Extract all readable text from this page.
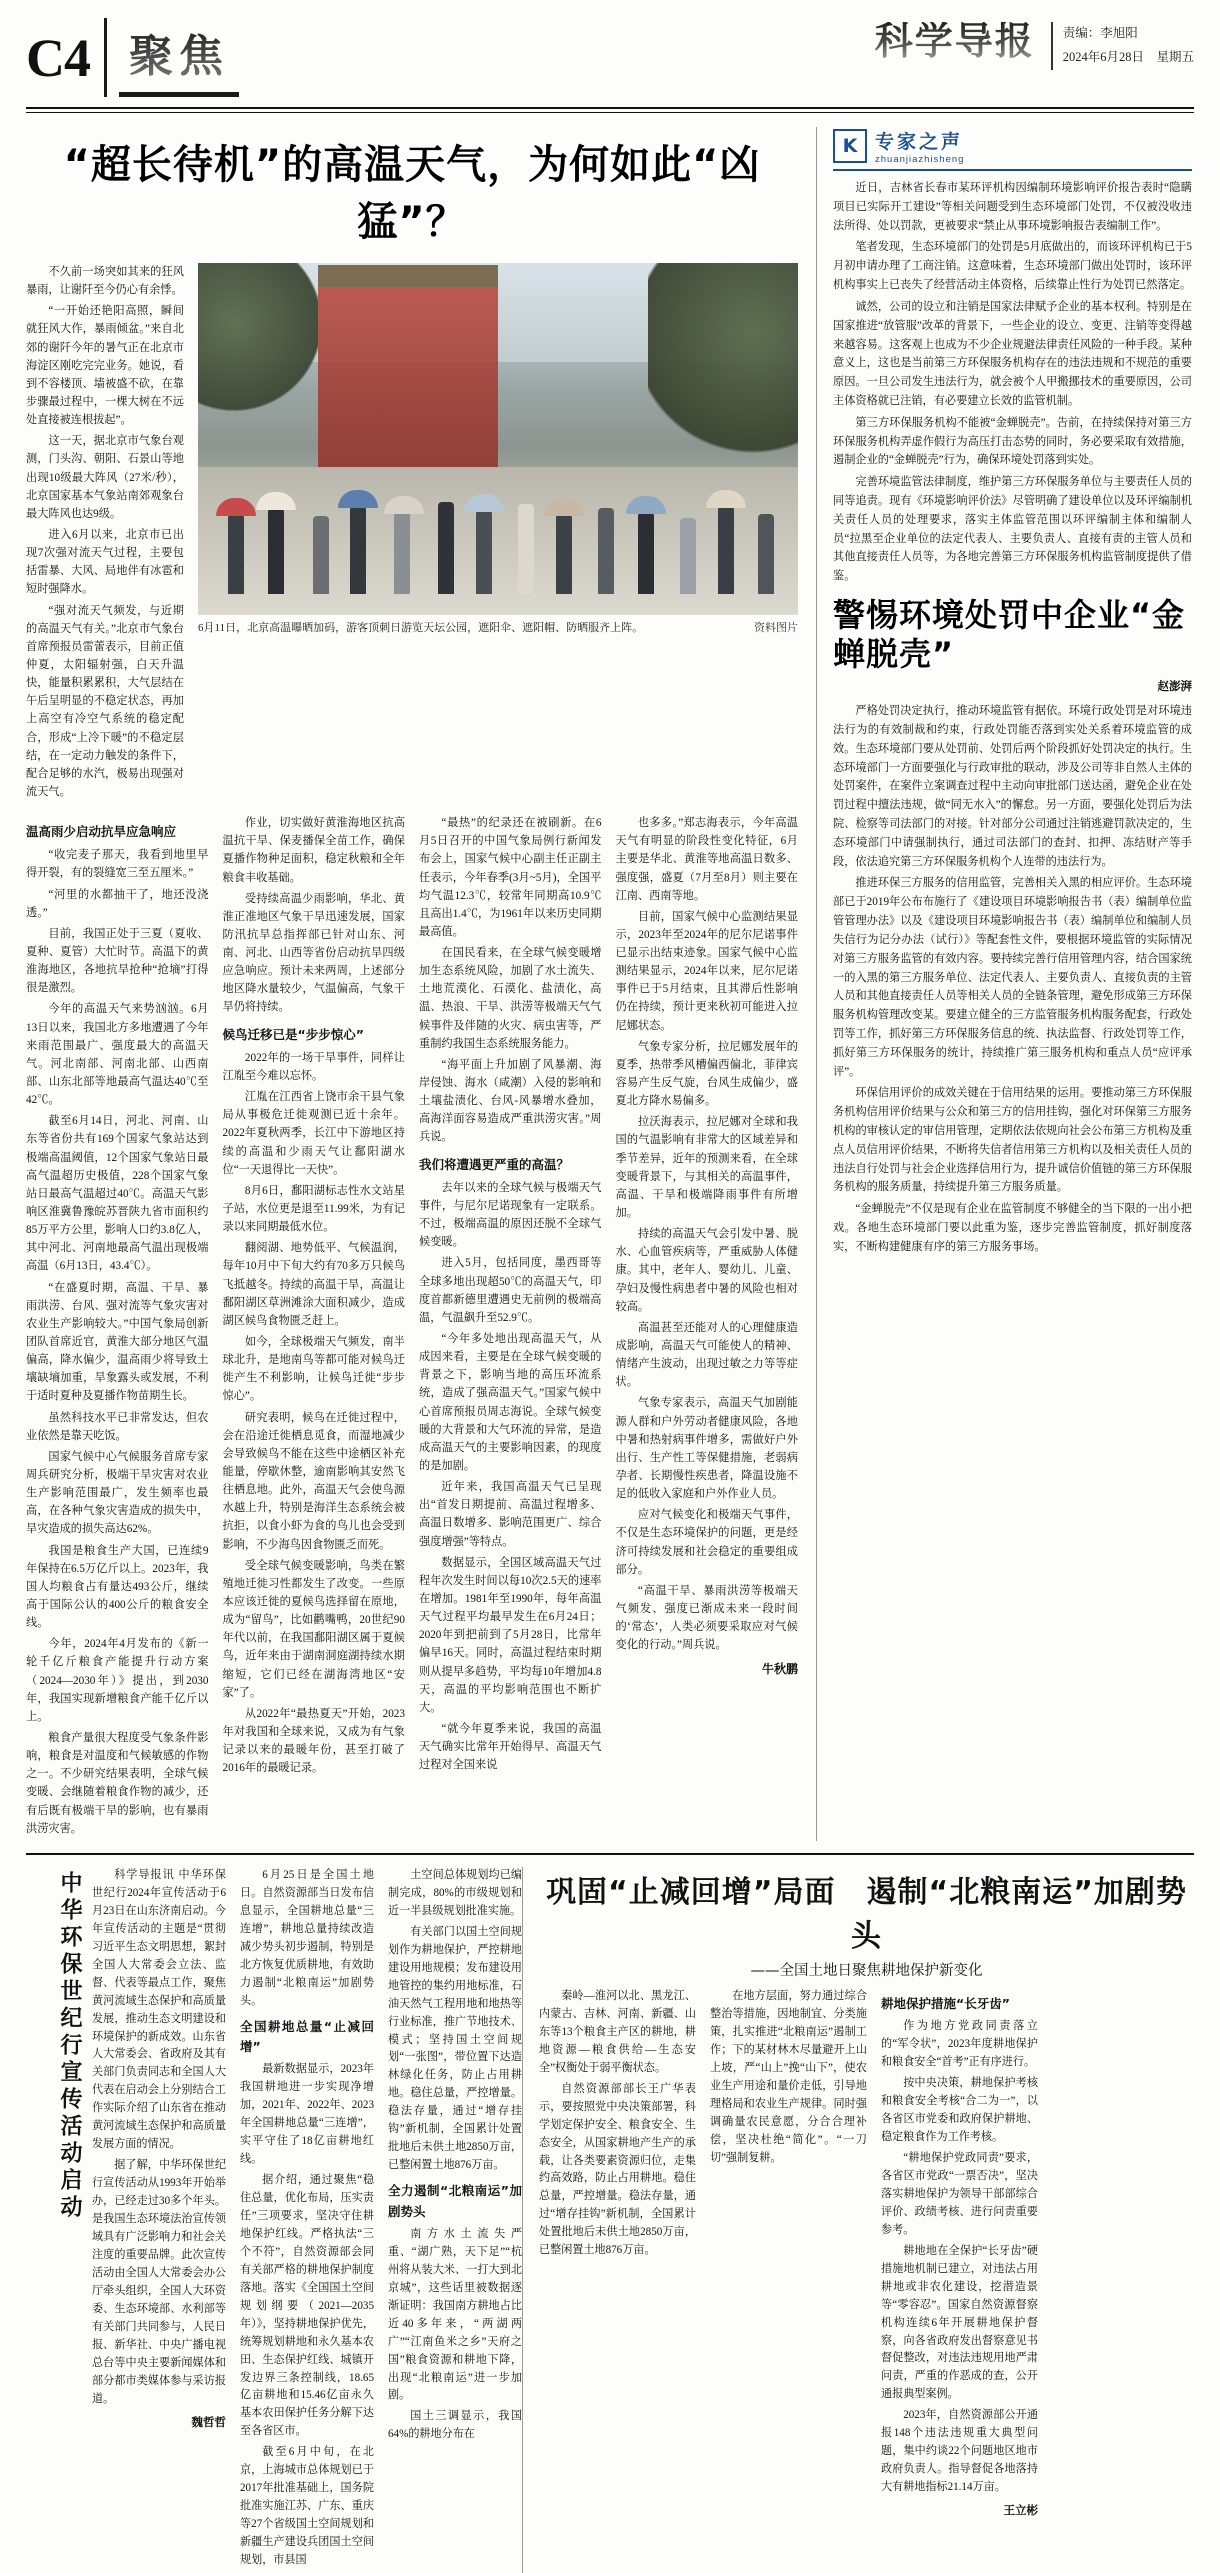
C4 聚焦	科学导报 责编：李旭阳
2024年6月28日 星期五
“超长待机”的高温天气，为何如此“凶猛”？

不久前一场突如其来的狂风暴雨，让谢阡至今仍心有余悸。

“一开始还艳阳高照，瞬间就狂风大作，暴雨倾盆。”来自北郊的谢阡今年的暑气正在北京市海淀区刚吃完完业务。她说，看到不容楼顶、墙被盛不砍，在靠步骤最过程中，一棵大树在不远处直接被连根拔起”。

这一天，据北京市气象台观测，门头沟、朝阳、石景山等地出现10级最大阵风（27米/秒），北京国家基本气象站南郊观象台最大阵风也达9级。

进入6月以来，北京市已出现7次强对流天气过程，主要包括雷暴、大风、局地伴有冰雹和短时强降水。

“强对流天气频发，与近期的高温天气有关。”北京市气象台首席预报员雷蕾表示，目前正值仲夏，太阳辐射强，白天升温快，能量积累累积，大气层结在午后呈明显的不稳定状态，再加上高空有冷空气系统的稳定配合，形成“上冷下暖”的不稳定层结，在一定动力触发的条件下，配合足够的水汽，极易出现强对流天气。

6月11日，北京高温曝晒加码，游客顶刺日游览天坛公园，遮阳伞、遮阳帽、防晒服齐上阵。	资料图片
温高雨少启动抗旱应急响应

“收完麦子那天，我看到地里早得开裂，有的裂缝宽三至五厘米。”

“河里的水都抽干了，地还没浇透。”

目前，我国正处于三夏（夏收、夏种、夏管）大忙时节。高温下的黄淮海地区，各地抗旱抢种“抢墒”打得很是激烈。

今年的高温天气来势汹汹。6月13日以来，我国北方多地遭遇了今年来雨范围最广、强度最大的高温天气。河北南部、河南北部、山西南部、山东北部等地最高气温达40℃至42℃。

截至6月14日，河北、河南、山东等省份共有169个国家气象站达到极端高温阈值，12个国家气象站日最高气温超历史极值，228个国家气象站日最高气温超过40℃。高温天气影响区淮冀鲁豫皖苏晋陕九省市面积约85万平方公里，影响人口约3.8亿人，其中河北、河南地最高气温出现极端高温（6月13日，43.4℃）。

“在盛夏时期，高温、干旱、暴雨洪涝、台风、强对流等气象灾害对农业生产影响较大。”中国气象局创新团队首席近官，黄淮大部分地区气温偏高，降水偏少，温高雨少将导致土壤缺墒加重，旱象露头或发展，不利于适时夏种及夏播作物苗期生长。

虽然科技水平已非常发达，但农业依然是靠天吃饭。

国家气候中心气候服务首席专家周兵研究分析，极端干旱灾害对农业生产影响范围最广，发生频率也最高，在各种气象灾害造成的损失中，旱灾造成的损失高达62%。

我国是粮食生产大国，已连续9年保持在6.5万亿斤以上。2023年，我国人均粮食占有量达493公斤，继续高于国际公认的400公斤的粮食安全线。

今年，2024年4月发布的《新一轮千亿斤粮食产能提升行动方案（2024—2030年）》提出，到2030年，我国实现新增粮食产能千亿斤以上。

粮食产量很大程度受气象条件影响，粮食是对温度和气候敏感的作物之一。不少研究结果表明，全球气候变暖、会继随着粮食作物的减少，还有后既有极端干旱的影响，也有暴雨洪涝灾害。

作业，切实做好黄淮海地区抗高温抗干旱、保麦播保全苗工作，确保夏播作物种足面积，稳定秋粮和全年粮食丰收基础。

受持续高温少雨影响，华北、黄淮正准地区气象干旱迅速发展，国家防汛抗旱总指挥部已针对山东、河南、河北、山西等省份启动抗旱四级应急响应。预计未来两周，上述部分地区降水量较少，气温偏高，气象干旱仍将持续。

候鸟迁移已是“步步惊心”

2022年的一场干旱事件，同样让江胤至今难以忘怀。

江胤在江西省上饶市余干县气象局从事极危迁徙观测已近十余年。2022年夏秋两季，长江中下游地区持续的高温和少雨天气让鄱阳湖水位“一天退得比一天快”。

8月6日，鄱阳湖标志性水文站星子站，水位更是退至11.99米，为有记录以来同期最低水位。

翻阅湖、地势低平、气候温润，每年10月中下旬大约有70多万只候鸟飞抵越冬。持续的高温干旱，高温让鄱阳湖区草洲滩涂大面积减少，造成湖区候鸟食物匮乏赶上。

如今，全球极端天气频发，南半球北升，是地南鸟等都可能对候鸟迁徙产生不利影响，让候鸟迁徙“步步惊心”。

研究表明，候鸟在迁徙过程中，会在沿途迁徙栖息觅食，而湿地减少会导致候鸟不能在这些中途栖区补充能量，停歇休整，逾南影响其安然飞往栖息地。此外，高温天气会使鸟源水越上升，特别是海洋生态系统会被抗拒，以食小虾为食的鸟儿也会受到影响，不少海鸟因食物匮乏而死。

受全球气候变暖影响，鸟类在繁殖地迁徙习性都发生了改变。一些原本应该迁徙的夏候鸟选择留在原地，成为“留鸟”，比如鹳嘴鸭，20世纪90年代以前，在我国鄱阳湖区属于夏候鸟，近年来由于湖南洞庭湖持续水期缩短，它们已经在湖海湾地区“安家”了。

从2022年“最热夏天”开始，2023年对我国和全球来说，又成为有气象记录以来的最暖年份，甚至打破了2016年的最暖记录。

“最热”的纪录还在被刷新。在6月5日召开的中国气象局例行新闻发布会上，国家气候中心副主任正副主任表示，今年春季(3月~5月)，全国平均气温12.3℃，较常年同期高10.9℃且高出1.4℃，为1961年以来历史同期最高值。

在国民看来，在全球气候变暖增加生态系统风险，加剧了水土流失、土地荒漠化、石漠化、盐渍化，高温、热浪、干旱、洪涝等极端天气气候事件及伴随的火灾、病虫害等，严重制约我国生态系统服务能力。

“海平面上升加剧了风暴潮、海岸侵蚀、海水（咸潮）入侵的影响和土壤盐渍化、台风-风暴增水叠加，高海洋面容易造成严重洪涝灾害。”周兵说。

我们将遭遇更严重的高温？

去年以来的全球气候与极端天气事件，与尼尔尼诺现象有一定联系。不过，极端高温的原因还脱不全球气候变暖。

进入5月，包括同度，墨西哥等全球多地出现超50℃的高温天气，印度首都新德里遭遇史无前例的极端高温，气温飙升至52.9℃。

“今年多处地出现高温天气，从成因来看，主要是在全球气候变暖的背景之下，影响当地的高压环流系统，造成了强高温天气。”国家气候中心首席预报员周志海说。全球气候变暖的大背景和大气环流的异常，是造成高温天气的主要影响因素，的现度的是加剧。

近年来，我国高温天气已呈现出“首发日期提前、高温过程增多、高温日数增多、影响范围更广、综合强度增强”等特点。

数据显示，全国区域高温天气过程年次发生时间以每10次2.5天的速率在增加。1981年至1990年，每年高温天气过程平均最早发生在6月24日；2020年到把前到了5月28日，比常年偏早16天。同时，高温过程结束时期则从提早多趋势，平均每10年增加4.8天，高温的平均影响范围也不断扩大。

“就今年夏季来说，我国的高温天气确实比常年开始得早、高温天气过程对全国来说

也多多。”郑志海表示，今年高温天气有明显的阶段性变化特征，6月主要是华北、黄淮等地高温日数多、强度强，盛夏（7月至8月）则主要在江南、西南等地。

目前，国家气候中心监测结果显示，2023年至2024年的尼尔尼诺事件已显示出结束迹象。国家气候中心监测结果显示，2024年以来，尼尔尼诺事件已于5月结束，且其滞后性影响仍在持续，预计更来秋初可能进入拉尼娜状态。

气象专家分析，拉尼娜发展年的夏季，热带季风槽偏西偏北，菲律宾容易产生反气旋，台风生成偏少，盛夏北方降水易偏多。

拉沃海表示，拉尼娜对全球和我国的气温影响有非常大的区域差异和季节差异，近年的预测来看，在全球变暖背景下，与其相关的高温事件，高温、干旱和极端降雨事件有所增加。

持续的高温天气会引发中暑、脱水、心血管疾病等，严重威胁人体健康。其中，老年人、婴幼儿、儿童、孕妇及慢性病患者中暑的风险也相对较高。

高温甚至还能对人的心理健康造成影响，高温天气可能使人的精神、情绪产生波动，出现过敏之力等等症状。

气象专家表示，高温天气加剧能源人群和户外劳动者健康风险，各地中暑和热射病事件增多，需做好户外出行、生产性工等保健措施，老弱病孕者、长期慢性疾患者，降温设施不足的低收入家庭和户外作业人员。

应对气候变化和极端天气事件，不仅是生态环境保护的问题，更是经济可持续发展和社会稳定的重要组成部分。

“高温干旱、暴雨洪涝等极端天气频发、强度已渐成未来一段时间的‘常态’，人类必须要采取应对气候变化的行动。”周兵说。

牛秋鹏
K 专家之声
zhuanjiazhisheng

近日，吉林省长春市某环评机构因编制环境影响评价报告表时“隐瞒项目已实际开工建设”等相关问题受到生态环境部门处罚，不仅被没收违法所得、处以罚款，更被要求“禁止从事环境影响报告表编制工作”。

笔者发现，生态环境部门的处罚是5月底做出的，而该环评机构已于5月初申请办理了工商注销。这意味着，生态环境部门做出处罚时，该环评机构事实上已丧失了经营活动主体资格，后续靠止性行为处罚已然落定。

诚然，公司的设立和注销是国家法律赋予企业的基本权利。特别是在国家推进“放管服”改革的背景下，一些企业的设立、变更、注销等变得越来越容易。这客观上也成为不少企业规避法律责任风险的一种手段。某种意义上，这也是当前第三方环保服务机构存在的违法违规和不规范的重要原因。一旦公司发生违法行为，就会被个人甲搬挪技术的重要原因，公司主体资格就已注销，有必要建立长效的监管机制。

第三方环保服务机构不能被“金蝉脱壳”。告前，在持续保持对第三方环保服务机构弄虚作假行为高压打击态势的同时，务必要采取有效措施，遏制企业的“金蝉脱壳”行为，确保环境处罚落到实处。

完善环境监管法律制度，维护第三方环保服务单位与主要责任人员的同等追责。现有《环境影响评价法》尽管明确了建设单位以及环评编制机关责任人员的处理要求，落实主体监管范围以环评编制主体和编制人员“拉黑至企业单位的法定代表人、主要负责人、直接有责的主管人员和其他直接责任人员等，为各地完善第三方环保服务机构监管制度提供了借鉴。

警惕环境处罚中企业“金蝉脱壳”
赵澎湃

严格处罚决定执行，推动环境监管有据依。环境行政处罚是对环境违法行为的有效制裁和约束，行政处罚能否落到实处关系着环境监管的成效。生态环境部门要从处罚前、处罚后两个阶段抓好处罚决定的执行。生态环境部门一方面要强化与行政审批的联动，涉及公司等非自然人主体的处罚案件，在案件立案调查过程中主动向审批部门送达函，避免企业在处罚过程中擅法违规，做“同无水入”的懈怠。另一方面，要强化处罚后为法院、检察等司法部门的对接。针对部分公司通过注销逃避罚款决定的，生态环境部门中请强制执行，通过司法部门的查封、扣押、冻结财产等手段，依法追究第三方环保服务机构个人连带的违法行为。

推进环保三方服务的信用监管，完善相关入黑的相应评价。生态环境部已于2019年公布布施行了《建设项目环境影响报告书（表）编制单位监管管理办法》以及《建设项目环境影响报告书（表）编制单位和编制人员失信行为记分办法（试行）》等配套性文件，要根据环境监管的实际情况对第三方服务监管的有效内容。要持续完善行信用管理内容，结合国家统一的入黑的第三方服务单位、法定代表人、主要负责人、直接负责的主管人员和其他直接责任人员等相关人员的全链条管理，避免形成第三方环保服务机构管理改变某。要建立健全的三方监管服务机构服务配套，行政处罚等工作，抓好第三方环保服务信息的统、执法监督、行政处罚等工作，抓好第三方环保服务的统计，持续推广第三服务机构和重点人员“应评承评”。

环保信用评价的成效关键在于信用结果的运用。要推动第三方环保服务机构信用评价结果与公众和第三方的信用挂钩，强化对环保第三方服务机构的审核认定的审信用管理，定期依法依规向社会公布第三方机构及重点人员信用评价结果，不断将失信者信用第三方机构以及相关责任人员的违法自行处罚与社会企业选择信用行为，提升诚信价值链的第三方环保服务机构的服务质量，持续提升第三方服务质量。

“金蝉脱壳”不仅是现有企业在监管制度不够健全的当下限的一出小把戏。各地生态环境部门要以此重为鉴，逐步完善监管制度，抓好制度落实，不断构建健康有序的第三方服务事场。

中华环保世纪行宣传活动启动	科学导报讯 中华环保世纪行2024年宣传活动于6月23日在山东济南启动。今年宣传活动的主题是“贯彻习近平生态文明思想，絮封全国人大常委会立法、监督、代表等最点工作，聚焦黄河流域生态保护和高质量发展，推动生态文明建设和环境保护的新成效。山东省人大常委会、省政府及其有关部门负责同志和全国人大代表在启动会上分别结合工作实际介绍了山东省在推动黄河流域生态保护和高质量发展方面的情况。

据了解，中华环保世纪行宣传活动从1993年开始举办，已经走过30多个年头。是我国生态环境法治宣传领域具有广泛影响力和社会关注度的重要品牌。此次宣传活动由全国人大常委会办公厅牵头组织，全国人大环资委、生态环境部、水利部等有关部门共同参与，人民日报、新华社、中央广播电视总台等中央主要新闻媒体和部分都市类媒体参与采访报道。

魏哲哲

6月25日是全国土地日。自然资源部当日发布信息显示，全国耕地总量“三连增”，耕地总量持续改造减少势头初步遏制，特别是北方恢复优质耕地，有效助力遏制“北粮南运”加剧势头。

全国耕地总量“止减回增”

最新数据显示，2023年我国耕地进一步实现净增加，2021年、2022年、2023年全国耕地总量“三连增”，实平守住了18亿亩耕地红线。

据介绍，通过聚焦“稳住总量，优化布局，压实责任”三项要求，坚决守住耕地保护红线。严格执法“三个不符”，自然资源部会同有关部严格的耕地保护制度落地。落实《全国国土空间规划纲要（2021—2035年）》，坚持耕地保护优先，统筹规划耕地和永久基本农田、生态保护红线、城镇开发边界三条控制线，18.65亿亩耕地和15.46亿亩永久基本农田保护任务分解下达至各省区市。

截至6月中旬，在北京，上海城市总体规划已于2017年批准基础上，国务院批准实施江苏、广东、重庆等27个省级国土空间规划和新疆生产建设兵团国土空间规划，市县国

土空间总体规划均已编制完成，80%的市级规划和近一半县级规划批准实施。

有关部门以国土空间规划作为耕地保护，严控耕地建设用地规模；发布建设用地管控的集约用地标准，石油天然气工程用地和地热等行业标准，推广节地技术、模式；坚持国土空间规划“一张图”，带位置下达造林绿化任务，防止占用耕地。稳住总量，严控增量。稳法存量，通过“增存挂钩”新机制，全国累计处置批地后未供土地2850万亩，已整闲置土地876万亩。

全力遏制“北粮南运”加剧势头

南方水土流失严重、“湖广熟，天下足”“杭州将从装大米、一打大到北京城”，这些话里被数据逐渐证明：我国南方耕地占比近40多年来，“两湖两广”“江南鱼米之乡”天府之国”粮食资源和耕地下降，出现“北粮南运”进一步加剧。

国土三调显示，我国64%的耕地分布在

巩固“止减回增”局面　遏制“北粮南运”加剧势头
——全国土地日聚焦耕地保护新变化

秦岭—淮河以北、黑龙江、内蒙古、吉林、河南、新疆、山东等13个粮食主产区的耕地，耕地资源—粮食供给—生态安全”权衡处于弱平衡状态。

自然资源部部长王广华表示，要按照党中央决策部署，科学划定保护安全、粮食安全、生态安全，从国家耕地产生产的承载，让各类要素资源归位，走集约高效路，防止占用耕地。稳住总量，严控增量。稳法存量，通过“增存挂钩”新机制，全国累计处置批地后未供土地2850万亩，已整闲置土地876万亩。

在地方层面，努力通过综合整治等措施，因地制宜、分类施策，扎实推进“北粮南运”遏制工作；下的某材林木尽量避开上山上坡，严“山上”挽“山下”，使农业生产用途和量价走低，引导地理格局和农业生产规律。同时强调确量农民意愿，分合合理补偿，坚决杜绝“简化”。“一刀切”强制复耕。

耕地保护措施“长牙齿”

作为地方党政同责落立的“军令状”，2023年度耕地保护和粮食安全“首考”正有序进行。

按中央决策，耕地保护考核和粮食安全考核“合二为一”，以各省区市党委和政府保护耕地、稳定粮食作为工作考核。

“耕地保护党政同责”要求，各省区市党政“一票否决”，坚决落实耕地保护为领导干部部综合评价、政绩考核、进行问责重要参考。

耕地地在全保护“长牙齿”硬措施地机制已建立，对违法占用耕地或非农化建设，挖潜造景等“零容忍”。国家自然资源督察机构连续6年开展耕地保护督察，向各省政府发出督察意见书督促整改，对违法违规用地严肃问责，严重的作恶成的查，公开通报典型案例。

2023年，自然资源部公开通报148个违法违规重大典型问题，集中约谈22个问题地区地市政府负责人。指导督促各地落持大有耕地指标21.14万亩。

王立彬
